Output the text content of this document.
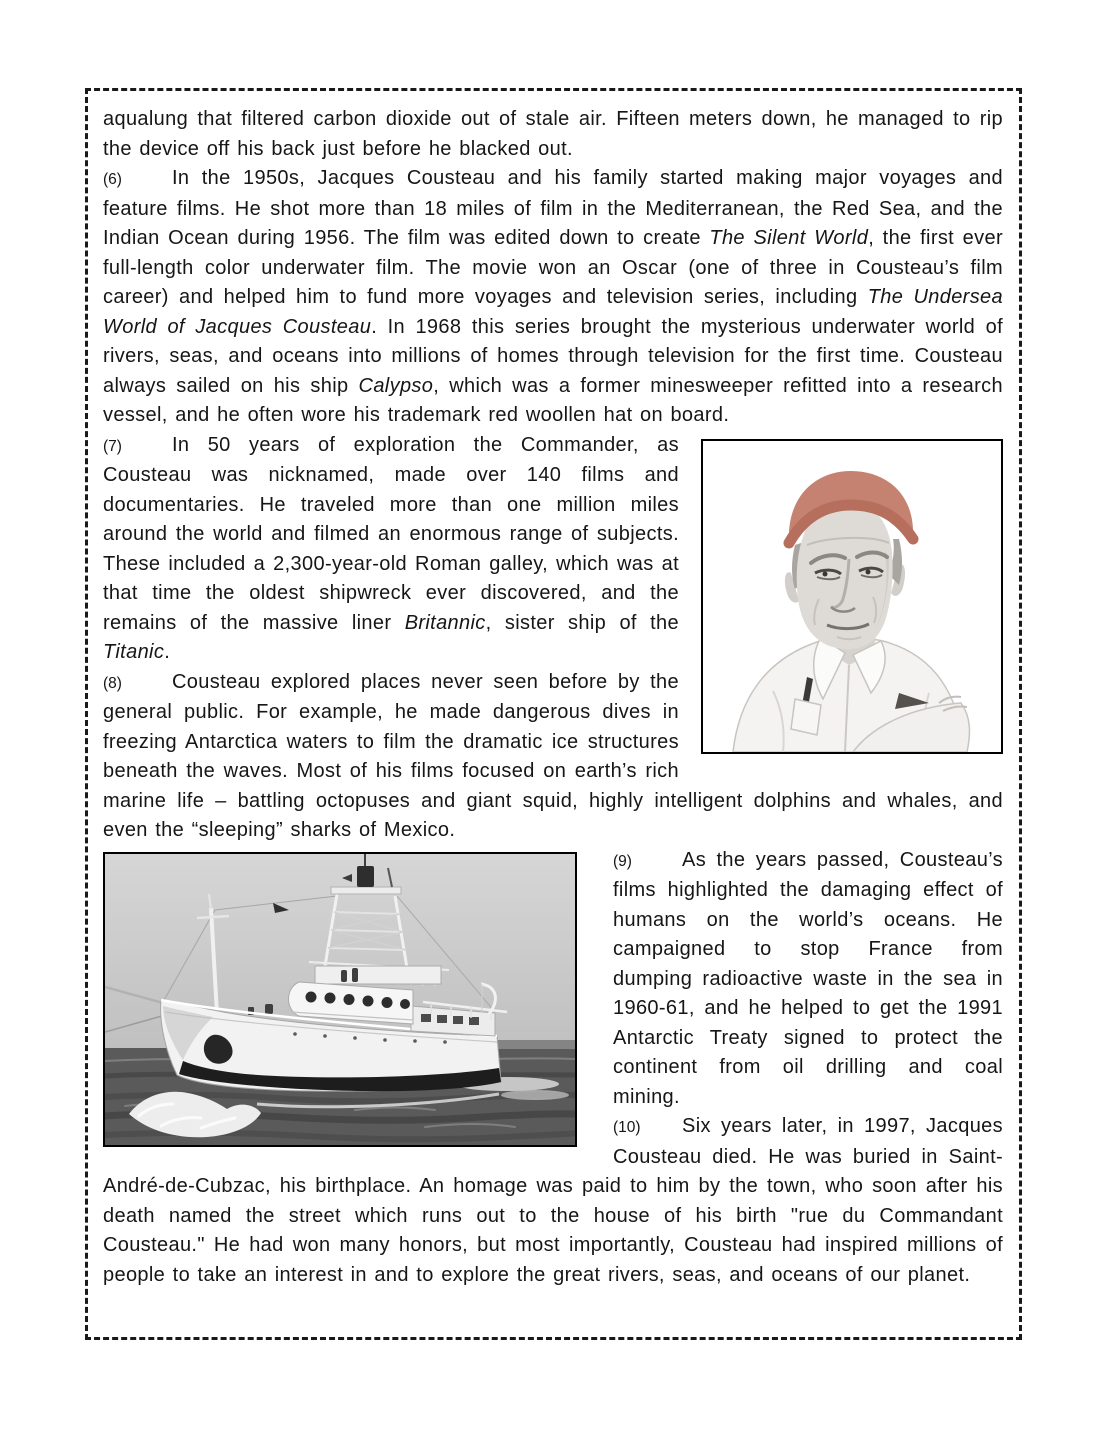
aqualung that filtered carbon dioxide out of stale air. Fifteen meters down, he managed to rip the device off his back just before he blacked out.

(6)	In the 1950s, Jacques Cousteau and his family started making major voyages and feature films. He shot more than 18 miles of film in the Mediterranean, the Red Sea, and the Indian Ocean during 1956. The film was edited down to create The Silent World, the first ever full-length color underwater film. The movie won an Oscar (one of three in Cousteau’s film career) and helped him to fund more voyages and television series, including The Undersea World of Jacques Cousteau. In 1968 this series brought the mysterious underwater world of rivers, seas, and oceans into millions of homes through television for the first time. Cousteau always sailed on his ship Calypso, which was a former minesweeper refitted into a research vessel, and he often wore his trademark red woollen hat on board.

(7)	In 50 years of exploration the Commander, as Cousteau was nicknamed, made over 140 films and documentaries. He traveled more than one million miles around the world and filmed an enormous range of subjects. These included a 2,300-year-old Roman galley, which was at that time the oldest shipwreck ever discovered, and the remains of the massive liner Britannic, sister ship of the Titanic.

(8)	Cousteau explored places never seen before by the general public. For example, he made dangerous dives in freezing Antarctica waters to film the dramatic ice structures beneath the waves. Most of his films focused on earth’s rich marine life – battling octopuses and giant squid, highly intelligent dolphins and whales, and even the “sleeping” sharks of Mexico.

(9)	As the years passed, Cousteau’s films highlighted the damaging effect of humans on the world’s oceans. He campaigned to stop France from dumping radioactive waste in the sea in 1960-61, and he helped to get the 1991 Antarctic Treaty signed to protect the continent from oil drilling and coal mining.

(10) Six years later, in 1997, Jacques Cousteau died. He was buried in Saint-André-de-Cubzac, his birthplace. An homage was paid to him by the town, who soon after his death named the street which runs out to the house of his birth "rue du Commandant Cousteau." He had won many honors, but most importantly, Cousteau had inspired millions of people to take an interest in and to explore the great rivers, seas, and oceans of our planet.
